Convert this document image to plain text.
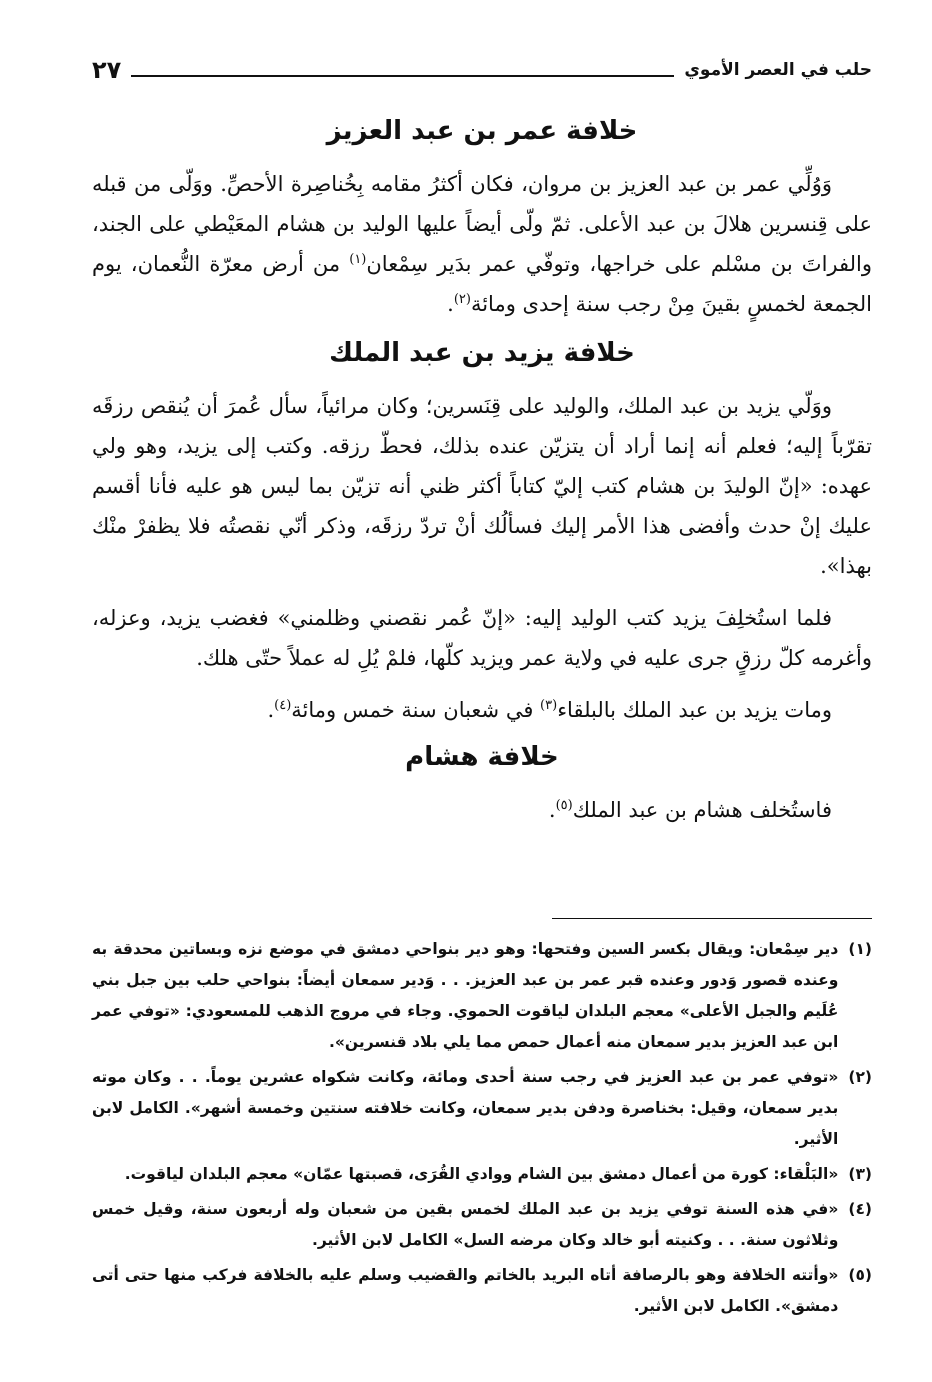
حلب في العصر الأموي
٢٧
خلافة عمر بن عبد العزيز

وَوُلِّي عمر بن عبد العزيز بن مروان، فكان أكثرُ مقامه بِخُناصِرة الأحصِّ. ووَلّى من قبله على قِنسرين هلالَ بن عبد الأعلى. ثمّ ولّى أيضاً عليها الوليد بن هشام المعَيْطي على الجند، والفراتَ بن مسْلم على خراجها، وتوفّي عمر بدَير سِمْعان$^{(١)}$ من أرض معرّة النُّعمان، يوم الجمعة لخمسٍ بقينَ مِنْ رجب سنة إحدى ومائة$^{(٢)}$.

خلافة يزيد بن عبد الملك

ووَلّي يزيد بن عبد الملك، والوليد على قِنَسرين؛ وكان مرائياً، سأل عُمرَ أن يُنقص رزقَه تقرّباً إليه؛ فعلم أنه إنما أراد أن يتزيّن عنده بذلك، فحطّ رزقه. وكتب إلى يزيد، وهو ولي عهده: «إنّ الوليدَ بن هشام كتب إليّ كتاباً أكثر ظني أنه تزيّن بما ليس هو عليه فأنا أقسم عليك إنْ حدث وأفضى هذا الأمر إليك فسألُك أنْ تردّ رزقَه، وذكر أنّي نقصتُه فلا يظفرْ منْك بهذا».

فلما استُخلِفَ يزيد كتب الوليد إليه: «إنّ عُمر نقصني وظلمني» فغضب يزيد، وعزله، وأغرمه كلّ رزقٍ جرى عليه في ولاية عمر ويزيد كلّها، فلمْ يُلِ له عملاً حتّى هلك.

ومات يزيد بن عبد الملك بالبلقاء$^{(٣)}$ في شعبان سنة خمس ومائة$^{(٤)}$.

خلافة هشام

فاستُخلف هشام بن عبد الملك$^{(٥)}$.

(١)
دير سِمْعان: ويقال بكسر السين وفتحها: وهو دير بنواحي دمشق في موضع نزه وبساتين محدقة به وعنده قصور وَدور وعنده قبر عمر بن عبد العزيز. . . وَدير سمعان أيضاً: بنواحي حلب بين جبل بني عُلَيم والجبل الأعلى» معجم البلدان لياقوت الحموي. وجاء في مروج الذهب للمسعودي: «توفي عمر ابن عبد العزيز بدير سمعان منه أعمال حمص مما يلي بلاد قنسرين».
(٢)
«توفي عمر بن عبد العزيز في رجب سنة أحدى ومائة، وكانت شكواه عشرين يوماً. . . وكان موته بدير سمعان، وقيل: بخناصرة ودفن بدير سمعان، وكانت خلافته سنتين وخمسة أشهر». الكامل لابن الأثير.
(٣)
«البَلْقاء: كورة من أعمال دمشق بين الشام ووادي القُرَى، قصبتها عمّان» معجم البلدان لياقوت.
(٤)
«في هذه السنة توفي يزيد بن عبد الملك لخمس بقين من شعبان وله أربعون سنة، وقيل خمس وثلاثون سنة. . . وكنيته أبو خالد وكان مرضه السل» الكامل لابن الأثير.
(٥)
«وأتته الخلافة وهو بالرصافة أتاه البريد بالخاتم والقضيب وسلم عليه بالخلافة فركب منها حتى أتى دمشق». الكامل لابن الأثير.
